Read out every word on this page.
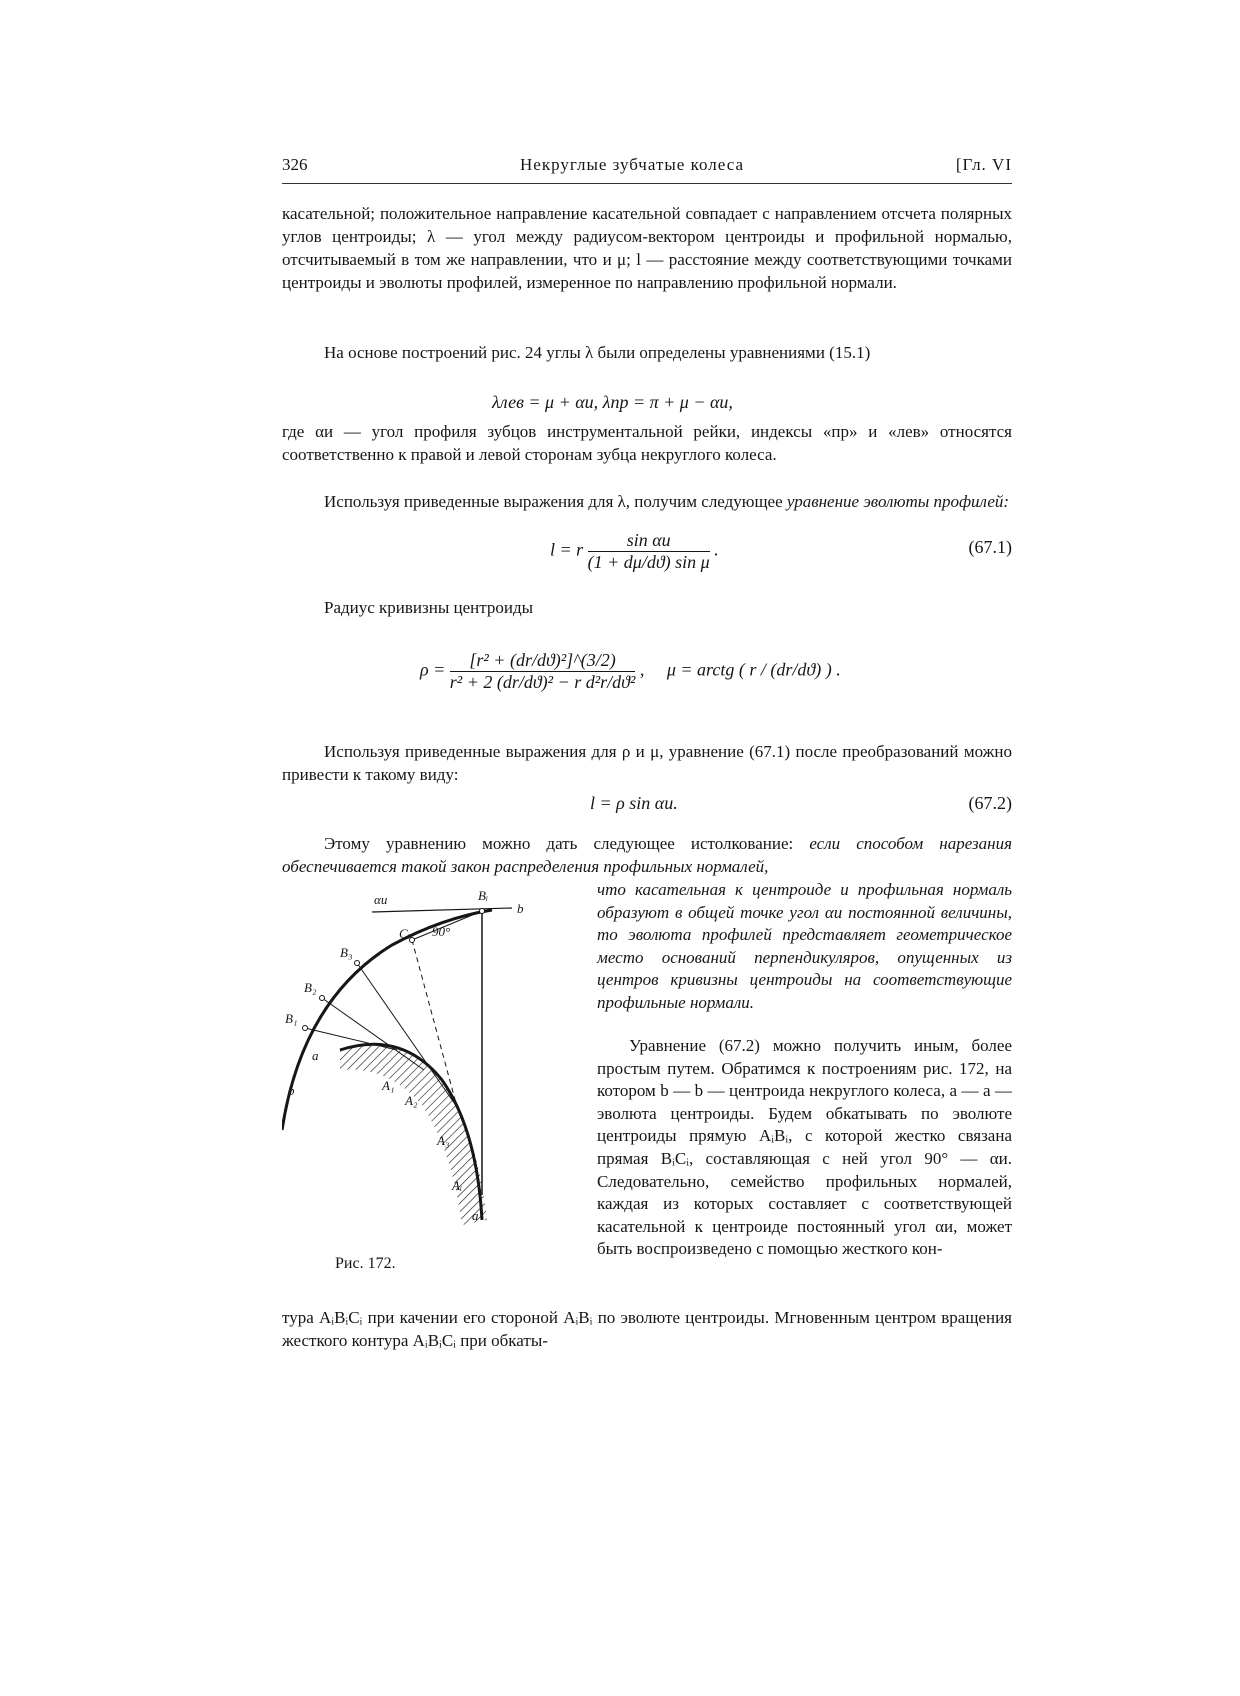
326	Некруглые зубчатые колеса	[Гл. VI
касательной; положительное направление касательной совпадает с направлением отсчета полярных углов центроиды; λ — угол между радиусом-вектором центроиды и профильной нормалью, отсчитываемый в том же направлении, что и μ; l — расстояние между соответствующими точками центроиды и эволюты профилей, измеренное по направлению профильной нормали.
На основе построений рис. 24 углы λ были определены уравнениями (15.1)
λлев = μ + αи, λпр = π + μ − αи,
где αи — угол профиля зубцов инструментальной рейки, индексы «пр» и «лев» относятся соответственно к правой и левой сторонам зубца некруглого колеса.
Используя приведенные выражения для λ, получим следующее уравнение эволюты профилей:
l = r $\frac{\text{sin αи}}{\text{(1 + dμ/dϑ) sin μ}}$ .	(67.1)
Радиус кривизны центроиды
$\rho = \frac{\text{[r² + (dr/dϑ)²]\textasciicircum{}(3/2)}}{\text{r² + 2 (dr/dϑ)² − r d²r/dϑ²}}$ ,     μ = arctg ( r / (dr/dϑ) ) .
Используя приведенные выражения для ρ и μ, уравнение (67.1) после преобразований можно привести к такому виду:
l = ρ sin αи.	(67.2)
Этому уравнению можно дать следующее истолкование: если способом нарезания обеспечивается такой закон распределения профильных нормалей,
αи
90°
Bᵢ
b
Cᵢ
B₃
B₂
B₁
a
b	A₁
A₂
A₃
Aᵢ
a
Рис. 172.
что касательная к центроиде и профильная нормаль образуют в общей точке угол αи постоянной величины, то эволюта профилей представляет геометрическое место оснований перпендикуляров, опущенных из центров кривизны центроиды на соответствующие профильные нормали.
Уравнение (67.2) можно получить иным, более простым путем. Обратимся к построениям рис. 172, на котором b — b — центроида некруглого колеса, a — a — эволюта центроиды. Будем обкатывать по эволюте центроиды прямую AᵢBᵢ, с которой жестко связана прямая BᵢCᵢ, составляющая с ней угол 90° — αи. Следовательно, семейство профильных нормалей, каждая из которых составляет с соответствующей касательной к центроиде постоянный угол αи, может быть воспроизведено с помощью жесткого кон-
тура AᵢBᵢCᵢ при качении его стороной AᵢBᵢ по эволюте центроиды. Мгновенным центром вращения жесткого контура AᵢBᵢCᵢ при обкаты-
